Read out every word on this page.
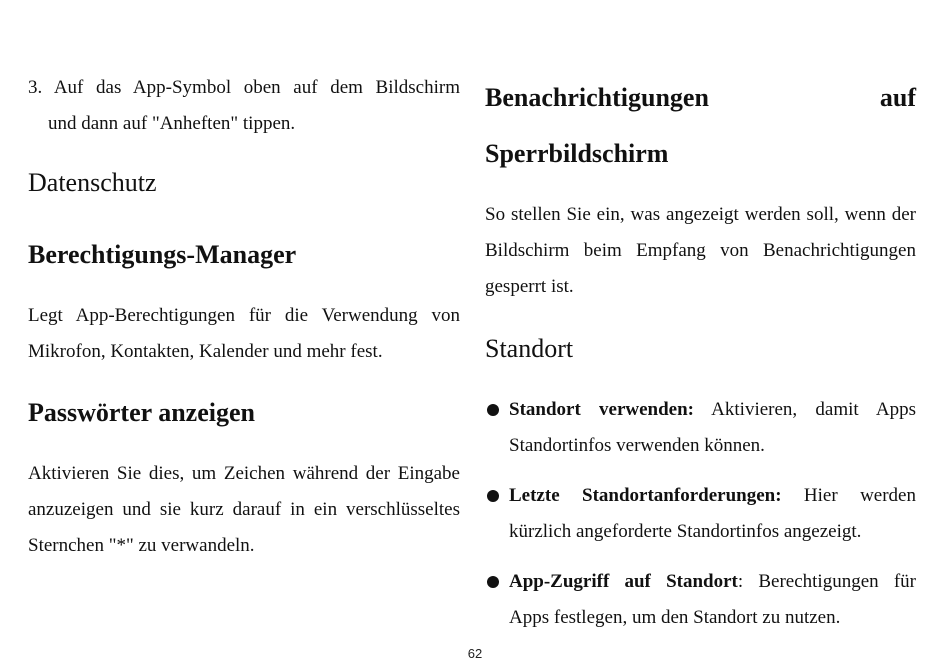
3. Auf das App-Symbol oben auf dem Bildschirm
und dann auf "Anheften" tippen.
Datenschutz
Berechtigungs-Manager

Legt App-Berechtigungen für die Verwendung von Mikrofon, Kontakten, Kalender und mehr fest.

Passwörter anzeigen

Aktivieren Sie dies, um Zeichen während der Eingabe anzuzeigen und sie kurz darauf in ein verschlüsseltes Sternchen "*" zu verwandeln.

Benachrichtigungen auf
Sperrbildschirm

So stellen Sie ein, was angezeigt werden soll, wenn der Bildschirm beim Empfang von Benachrichtigungen gesperrt ist.

Standort
Standort verwenden: Aktivieren, damit Apps Standortinfos verwenden können.
Letzte Standortanforderungen: Hier werden kürzlich angeforderte Standortinfos angezeigt.
App-Zugriff auf Standort: Berechtigungen für Apps festlegen, um den Standort zu nutzen.
62
